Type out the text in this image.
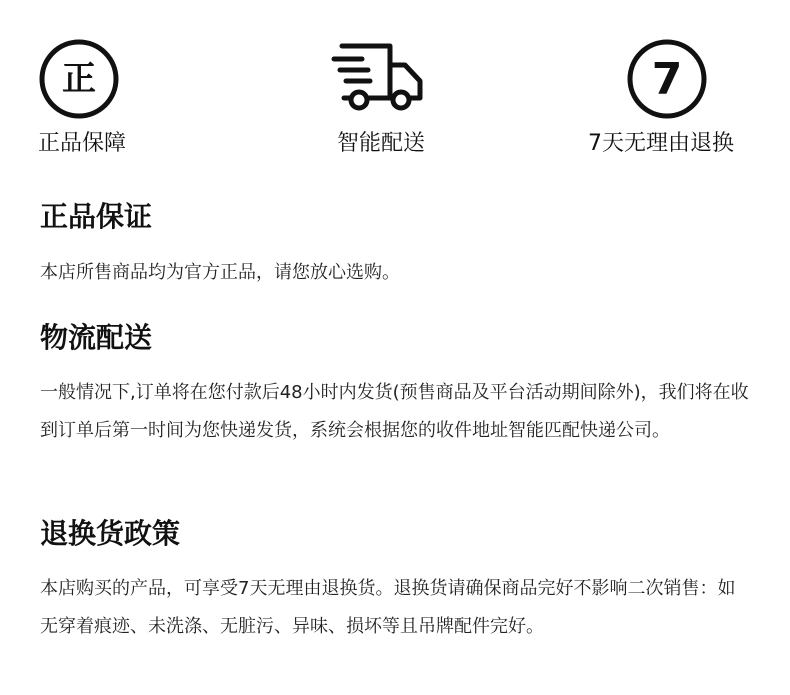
正
正品保障	智能配送
7
7天无理由退换
正品保证

本店所售商品均为官方正品，请您放心选购。

物流配送

一般情况下,订单将在您付款后48小时内发货(预售商品及平台活动期间除外)，我们将在收到订单后第一时间为您快递发货，系统会根据您的收件地址智能匹配快递公司。

退换货政策

本店购买的产品，可享受7天无理由退换货。退换货请确保商品完好不影响二次销售：如无穿着痕迹、未洗涤、无脏污、异味、损坏等且吊牌配件完好。
